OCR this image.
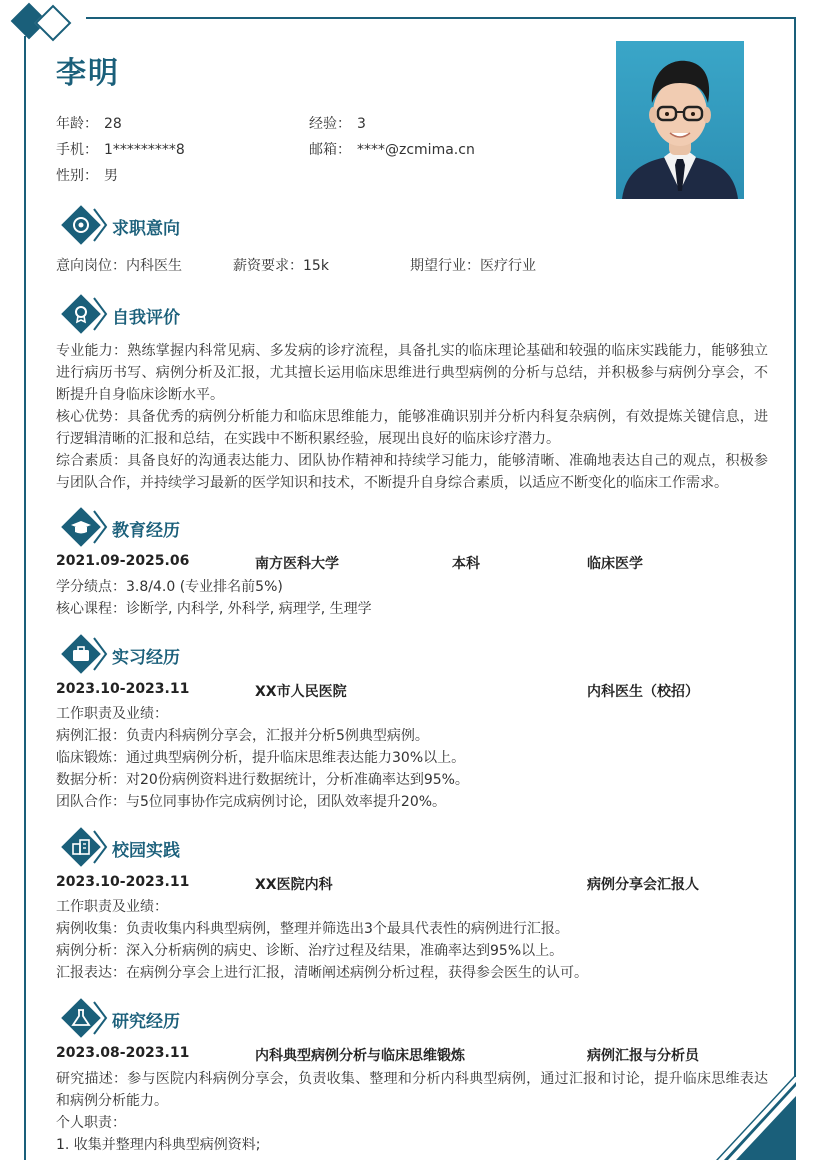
李明
年龄： 28	经验： 3
手机： 1*********8	邮箱： ****@zcmima.cn
性别： 男
求职意向
意向岗位：内科医生	薪资要求：15k	期望行业：医疗行业
自我评价
专业能力：熟练掌握内科常见病、多发病的诊疗流程，具备扎实的临床理论基础和较强的临床实践能力，能够独立进行病历书写、病例分析及汇报，尤其擅长运用临床思维进行典型病例的分析与总结，并积极参与病例分享会，不断提升自身临床诊断水平。
核心优势：具备优秀的病例分析能力和临床思维能力，能够准确识别并分析内科复杂病例，有效提炼关键信息，进行逻辑清晰的汇报和总结，在实践中不断积累经验，展现出良好的临床诊疗潜力。
综合素质：具备良好的沟通表达能力、团队协作精神和持续学习能力，能够清晰、准确地表达自己的观点，积极参与团队合作，并持续学习最新的医学知识和技术，不断提升自身综合素质，以适应不断变化的临床工作需求。
教育经历
2021.09-2025.06	南方医科大学	本科	临床医学
学分绩点：3.8/4.0 (专业排名前5%)
核心课程：诊断学, 内科学, 外科学, 病理学, 生理学
实习经历
2023.10-2023.11	XX市人民医院	内科医生（校招）
工作职责及业绩：
病例汇报：负责内科病例分享会，汇报并分析5例典型病例。
临床锻炼：通过典型病例分析，提升临床思维表达能力30%以上。
数据分析：对20份病例资料进行数据统计，分析准确率达到95%。
团队合作：与5位同事协作完成病例讨论，团队效率提升20%。
校园实践
2023.10-2023.11	XX医院内科	病例分享会汇报人
工作职责及业绩：
病例收集：负责收集内科典型病例，整理并筛选出3个最具代表性的病例进行汇报。
病例分析：深入分析病例的病史、诊断、治疗过程及结果，准确率达到95%以上。
汇报表达：在病例分享会上进行汇报，清晰阐述病例分析过程，获得参会医生的认可。
研究经历
2023.08-2023.11	内科典型病例分析与临床思维锻炼	病例汇报与分析员
研究描述：参与医院内科病例分享会，负责收集、整理和分析内科典型病例，通过汇报和讨论，提升临床思维表达和病例分析能力。
个人职责：
1. 收集并整理内科典型病例资料;
